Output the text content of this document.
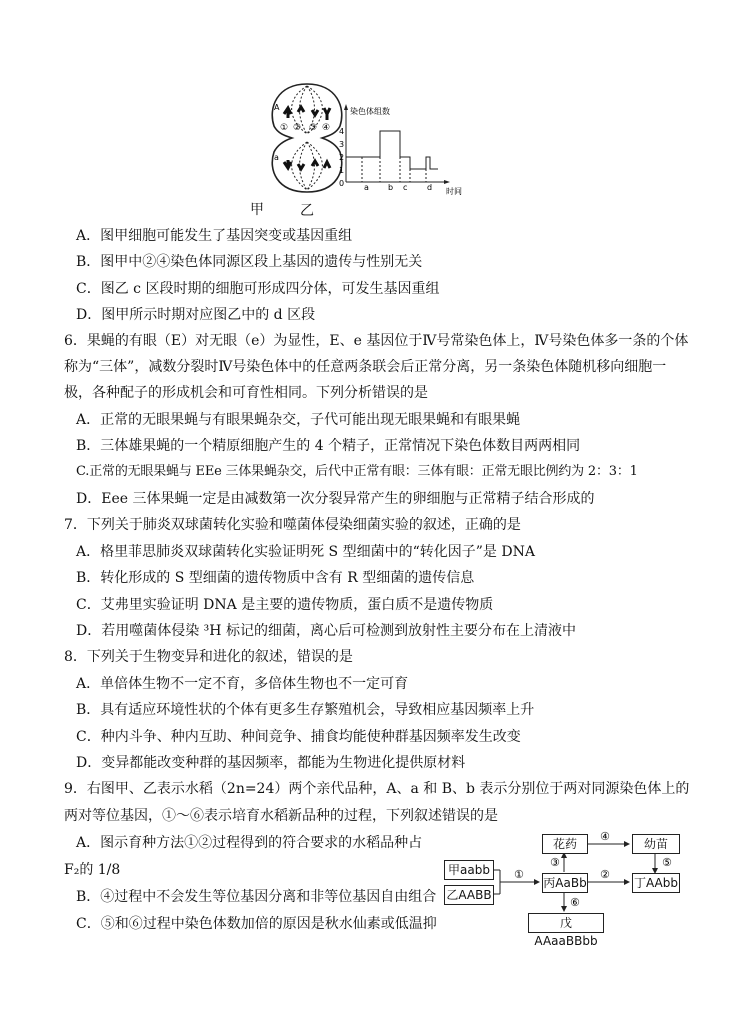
A
a
① ② ③ ④
染色体组数
0
4
3
2
1
a b c d 时间
甲	乙
A．图甲细胞可能发生了基因突变或基因重组
B．图甲中②④染色体同源区段上基因的遗传与性别无关
C．图乙 c 区段时期的细胞可形成四分体，可发生基因重组
D．图甲所示时期对应图乙中的 d 区段
6．果蝇的有眼（E）对无眼（e）为显性，E、e 基因位于Ⅳ号常染色体上，Ⅳ号染色体多一条的个体
称为“三体”，减数分裂时Ⅳ号染色体中的任意两条联会后正常分离，另一条染色体随机移向细胞一
极，各种配子的形成机会和可育性相同。下列分析错误的是
A．正常的无眼果蝇与有眼果蝇杂交，子代可能出现无眼果蝇和有眼果蝇
B．三体雄果蝇的一个精原细胞产生的 4 个精子，正常情况下染色体数目两两相同
C.正常的无眼果蝇与 EEe 三体果蝇杂交，后代中正常有眼：三体有眼：正常无眼比例约为 2：3：1
D．Eee 三体果蝇一定是由减数第一次分裂异常产生的卵细胞与正常精子结合形成的
7．下列关于肺炎双球菌转化实验和噬菌体侵染细菌实验的叙述，正确的是
A．格里菲思肺炎双球菌转化实验证明死 S 型细菌中的“转化因子”是 DNA
B．转化形成的 S 型细菌的遗传物质中含有 R 型细菌的遗传信息
C．艾弗里实验证明 DNA 是主要的遗传物质，蛋白质不是遗传物质
D．若用噬菌体侵染 ³H 标记的细菌，离心后可检测到放射性主要分布在上清液中
8．下列关于生物变异和进化的叙述，错误的是
A．单倍体生物不一定不育，多倍体生物也不一定可育
B．具有适应环境性状的个体有更多生存繁殖机会，导致相应基因频率上升
C．种内斗争、种内互助、种间竞争、捕食均能使种群基因频率发生改变
D．变异都能改变种群的基因频率，都能为生物进化提供原材料
9．右图甲、乙表示水稻（2n=24）两个亲代品种，A、a 和 B、b 表示分别位于两对同源染色体上的
两对等位基因，①～⑥表示培育水稻新品种的过程，下列叙述错误的是
A．图示育种方法①②过程得到的符合要求的水稻品种占
F₂的 1/8
B．④过程中不会发生等位基因分离和非等位基因自由组合
C．⑤和⑥过程中染色体数加倍的原因是秋水仙素或低温抑
①	②
③
④
⑤
⑥
甲aabb
乙AABB
丙AaBb	丁AAbb
花药	幼苗
戊AAaaBBbb
